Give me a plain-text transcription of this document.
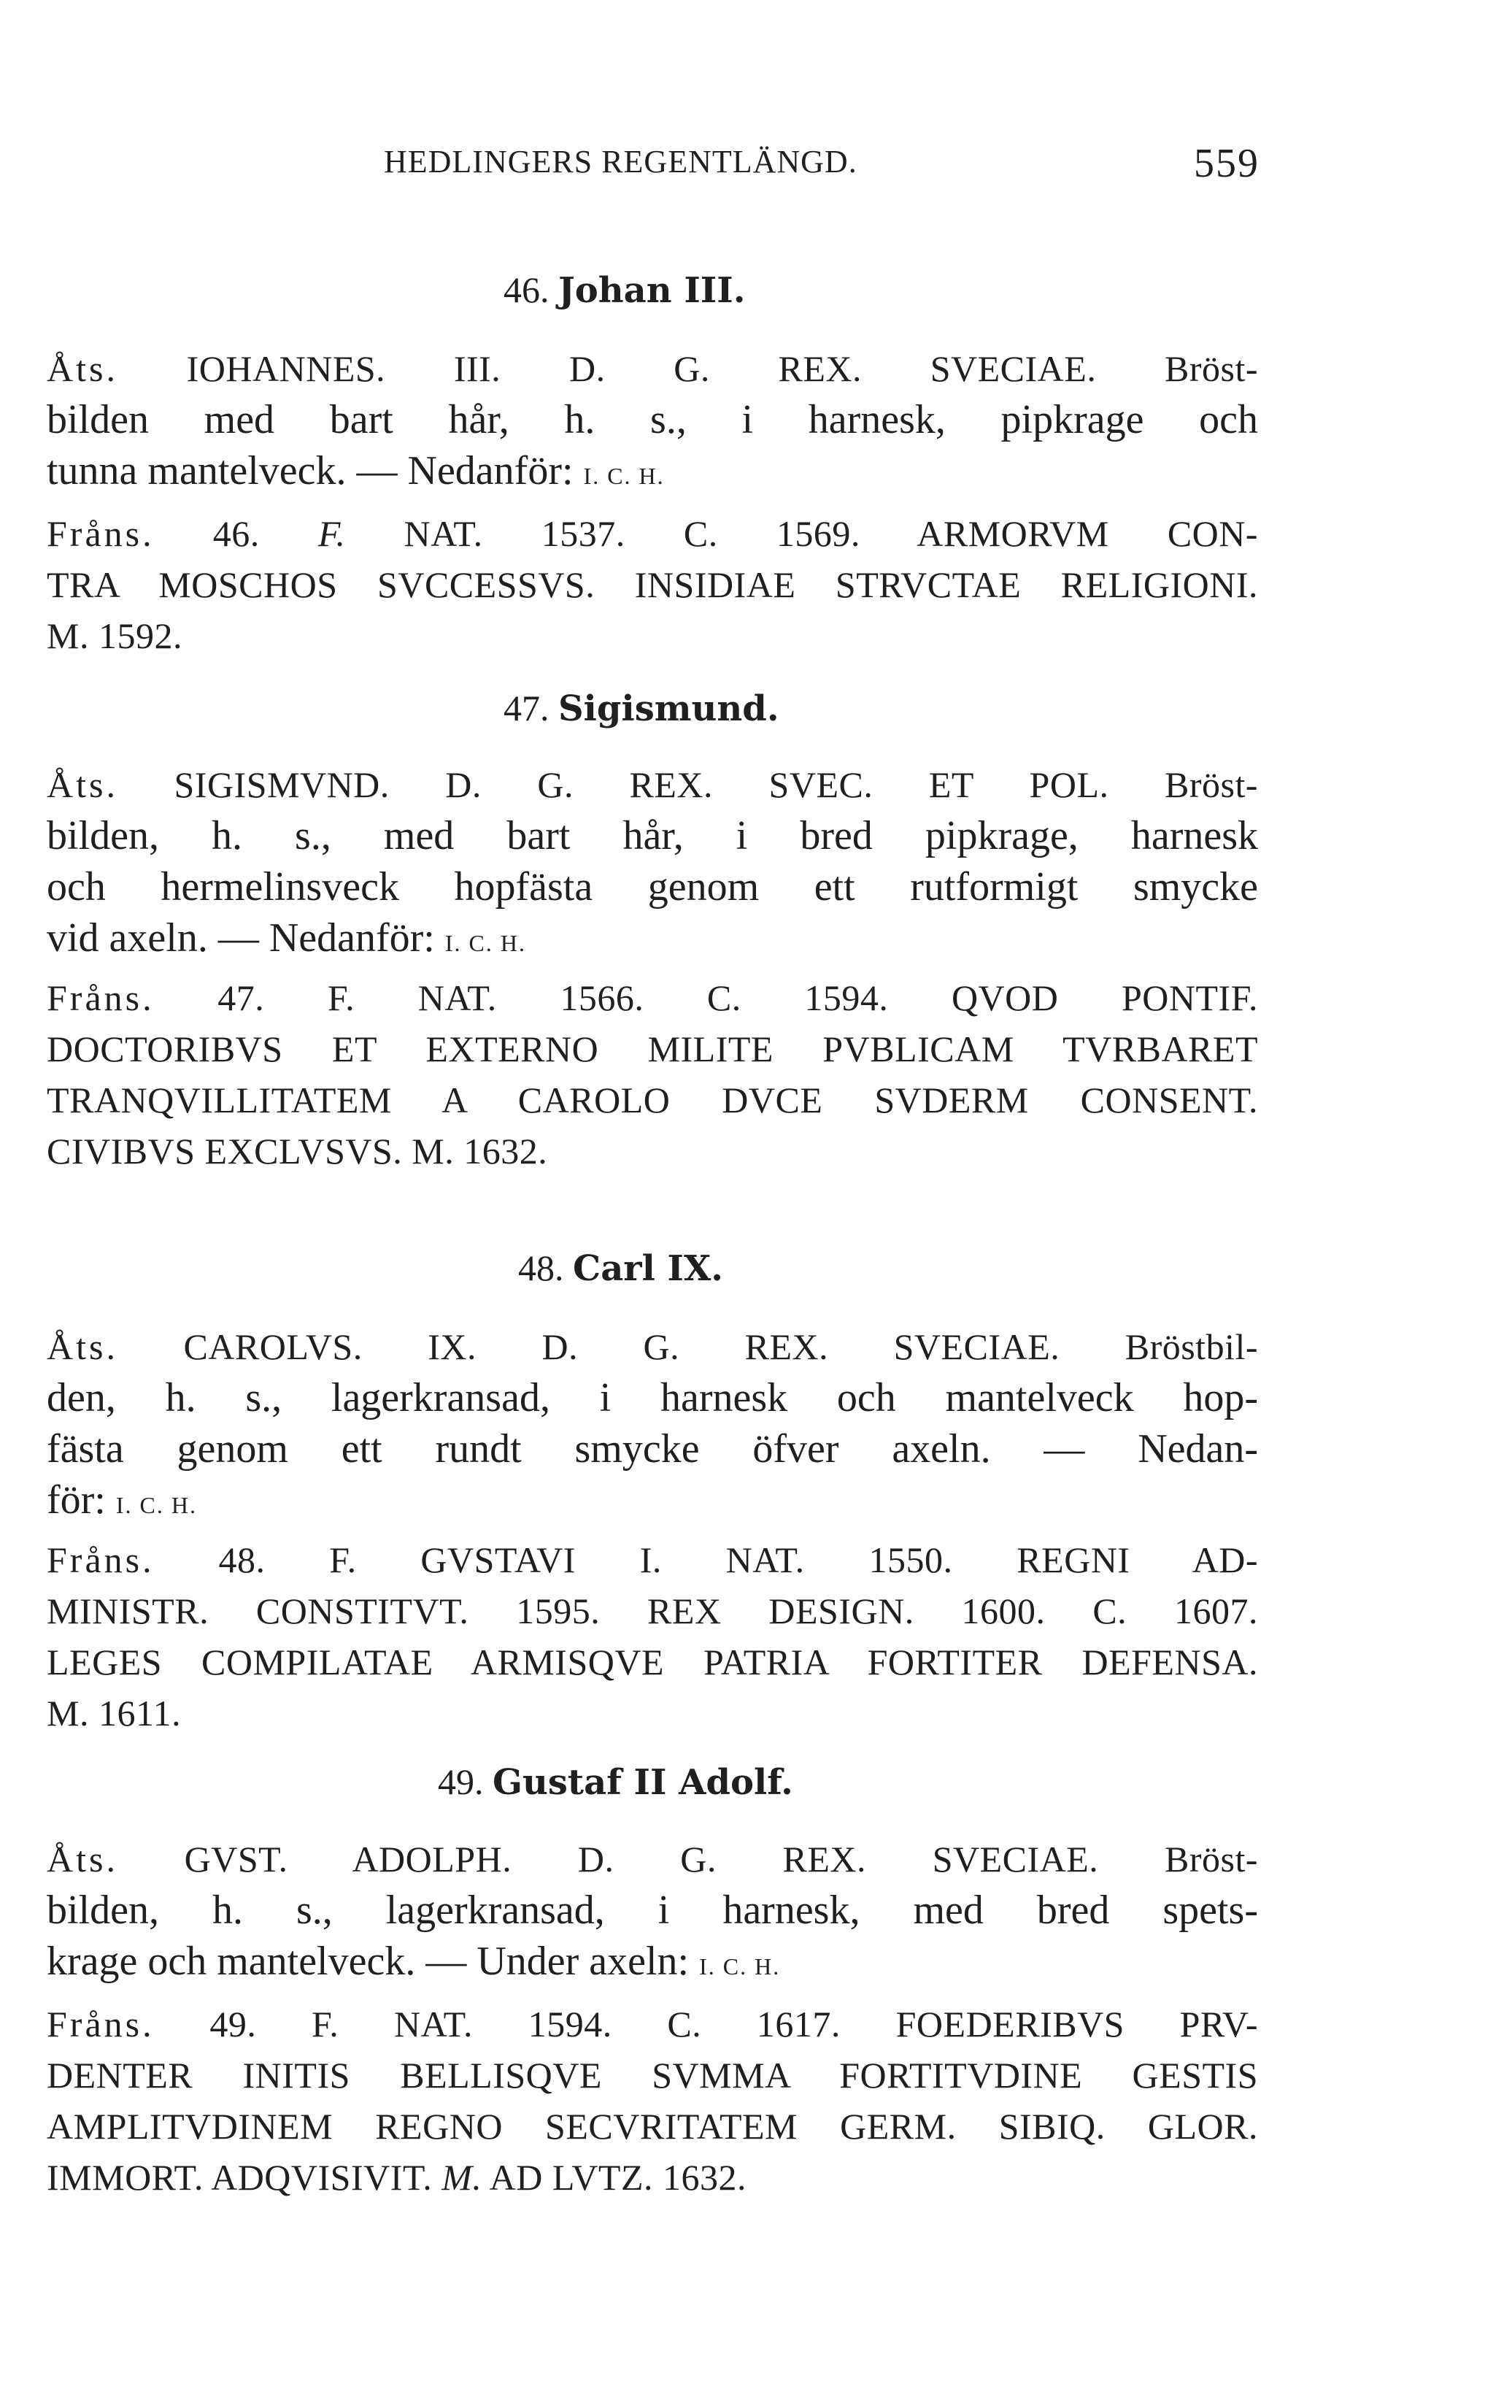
HEDLINGERS REGENTLÄNGD.	559
46. Johan III.
Åts. IOHANNES. III. D. G. REX. SVECIAE. Bröst-
bilden med bart hår, h. s., i harnesk, pipkrage och
tunna mantelveck. — Nedanför: I. C. H.
Fråns. 46. F. NAT. 1537. C. 1569. ARMORVM CON-
TRA MOSCHOS SVCCESSVS. INSIDIAE STRVCTAE RELIGIONI.
M. 1592.
47. Sigismund.
Åts. SIGISMVND. D. G. REX. SVEC. ET POL. Bröst-
bilden, h. s., med bart hår, i bred pipkrage, harnesk
och hermelinsveck hopfästa genom ett rutformigt smycke
vid axeln. — Nedanför: I. C. H.
Fråns. 47. F. NAT. 1566. C. 1594. QVOD PONTIF.
DOCTORIBVS ET EXTERNO MILITE PVBLICAM TVRBARET
TRANQVILLITATEM A CAROLO DVCE SVDERM CONSENT.
CIVIBVS EXCLVSVS. M. 1632.
48. Carl IX.
Åts. CAROLVS. IX. D. G. REX. SVECIAE. Bröstbil-
den, h. s., lagerkransad, i harnesk och mantelveck hop-
fästa genom ett rundt smycke öfver axeln. — Nedan-
för: I. C. H.
Fråns. 48. F. GVSTAVI I. NAT. 1550. REGNI AD-
MINISTR. CONSTITVT. 1595. REX DESIGN. 1600. C. 1607.
LEGES COMPILATAE ARMISQVE PATRIA FORTITER DEFENSA.
M. 1611.
49. Gustaf II Adolf.
Åts. GVST. ADOLPH. D. G. REX. SVECIAE. Bröst-
bilden, h. s., lagerkransad, i harnesk, med bred spets-
krage och mantelveck. — Under axeln: I. C. H.
Fråns. 49. F. NAT. 1594. C. 1617. FOEDERIBVS PRV-
DENTER INITIS BELLISQVE SVMMA FORTITVDINE GESTIS
AMPLITVDINEM REGNO SECVRITATEM GERM. SIBIQ. GLOR.
IMMORT. ADQVISIVIT. M. AD LVTZ. 1632.
